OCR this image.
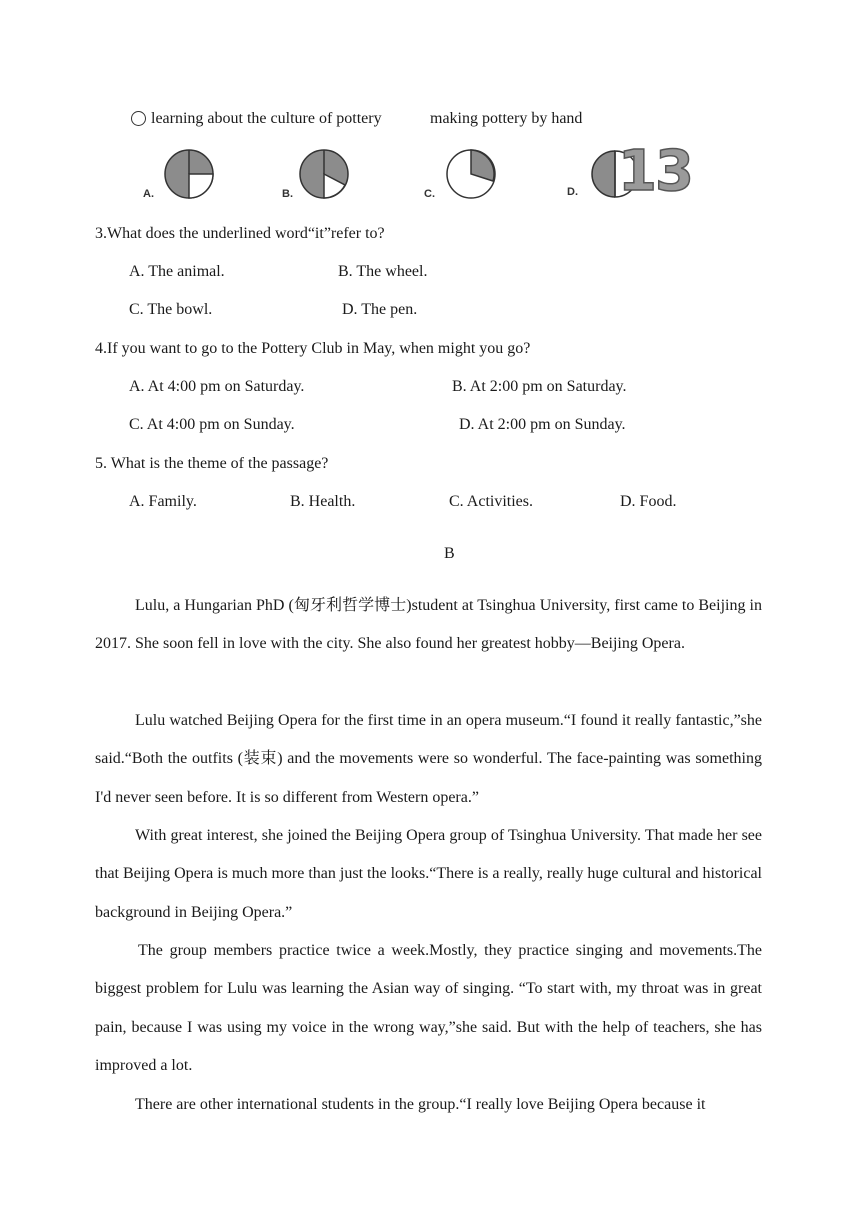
learning about the culture of pottery	making pottery by hand
A.	B.	C.	D. 13
3.What does the underlined word“it”refer to?
A. The animal.	B. The wheel.
C. The bowl.	D. The pen.
4.If you want to go to the Pottery Club in May, when might you go?
A. At 4:00 pm on Saturday.	B. At 2:00 pm on Saturday.
C. At 4:00 pm on Sunday.	D. At 2:00 pm on Sunday.
5. What is the theme of the passage?
A. Family.	B. Health.	C. Activities.	D. Food.
B

Lulu, a Hungarian PhD (匈牙利哲学博士)student at Tsinghua University, first came to Beijing in 2017. She soon fell in love with the city. She also found her greatest hobby—Beijing Opera.

Lulu watched Beijing Opera for the first time in an opera museum.“I found it really fantastic,”she said.“Both the outfits (装束) and the movements were so wonderful. The face-painting was something I'd never seen before. It is so different from Western opera.”

With great interest, she joined the Beijing Opera group of Tsinghua University. That made her see that Beijing Opera is much more than just the looks.“There is a really, really huge cultural and historical background in Beijing Opera.”

The group members practice twice a week.Mostly, they practice singing and movements.The biggest problem for Lulu was learning the Asian way of singing. “To start with, my throat was in great pain, because I was using my voice in the wrong way,”she said. But with the help of teachers, she has improved a lot.

There are other international students in the group.“I really love Beijing Opera because it
